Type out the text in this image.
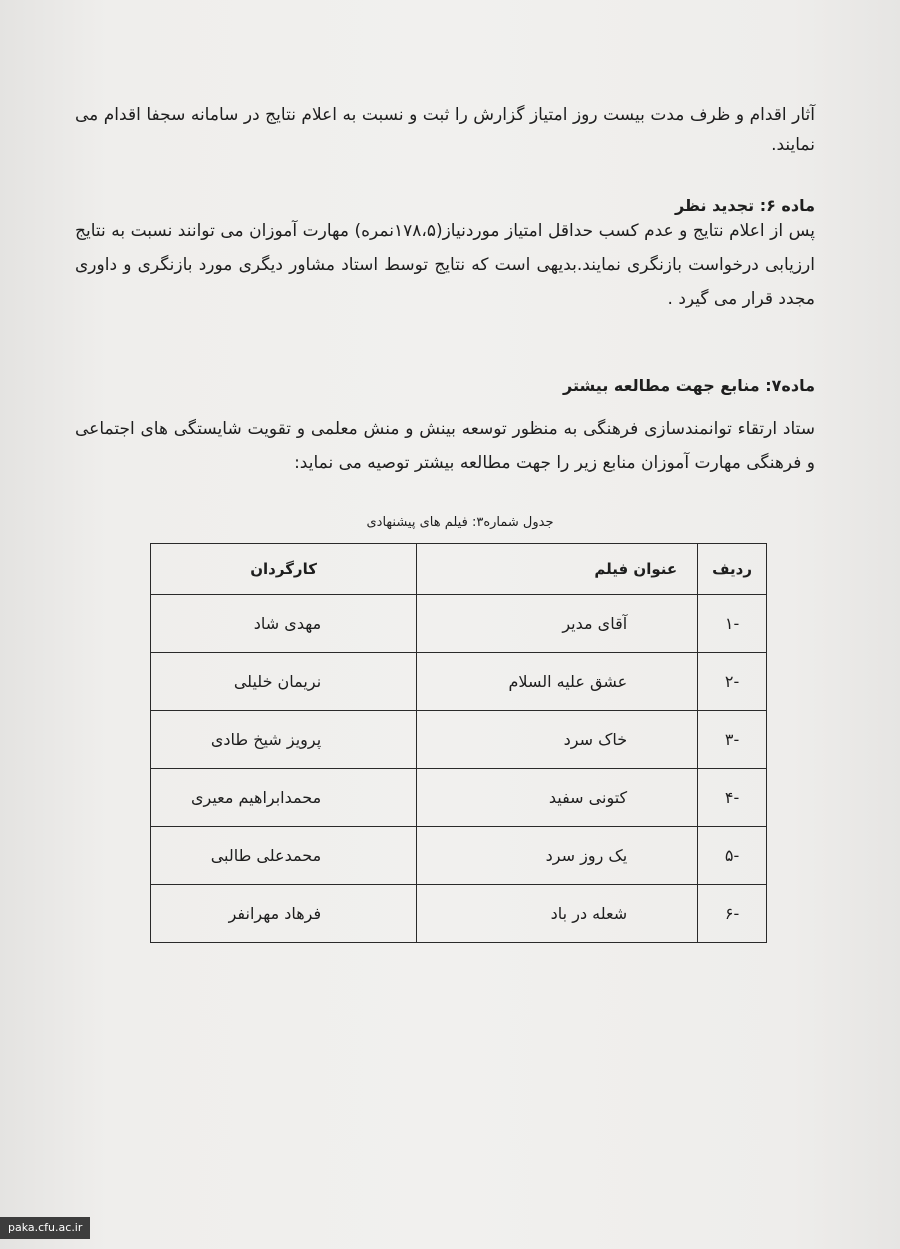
آثار اقدام و ظرف مدت بیست روز امتیاز گزارش را ثبت و نسبت به اعلام نتایج در سامانه سجفا اقدام می نمایند.
ماده ۶: تجدید نظر
پس از اعلام نتایج و عدم کسب حداقل امتیاز موردنیاز(۱۷۸،۵نمره) مهارت آموزان می توانند نسبت به نتایج ارزیابی درخواست بازنگری نمایند.بدیهی است که نتایج توسط استاد مشاور دیگری مورد بازنگری و داوری مجدد قرار می گیرد .
ماده۷: منابع جهت مطالعه بیشتر
ستاد ارتقاء توانمندسازی فرهنگی به منظور توسعه بینش و منش معلمی و تقویت شایستگی های اجتماعی و فرهنگی مهارت آموزان منابع زیر را جهت مطالعه بیشتر توصیه می نماید:
جدول شماره۳: فیلم های پیشنهادی
ردیف	عنوان فیلم	کارگردان
-۱	آقای مدیر	مهدی شاد
-۲	عشق علیه السلام	نریمان خلیلی
-۳	خاک سرد	پرویز شیخ طادی
-۴	کتونی سفید	محمدابراهیم معیری
-۵	یک روز سرد	محمدعلی طالبی
-۶	شعله در باد	فرهاد مهرانفر
paka.cfu.ac.ir
